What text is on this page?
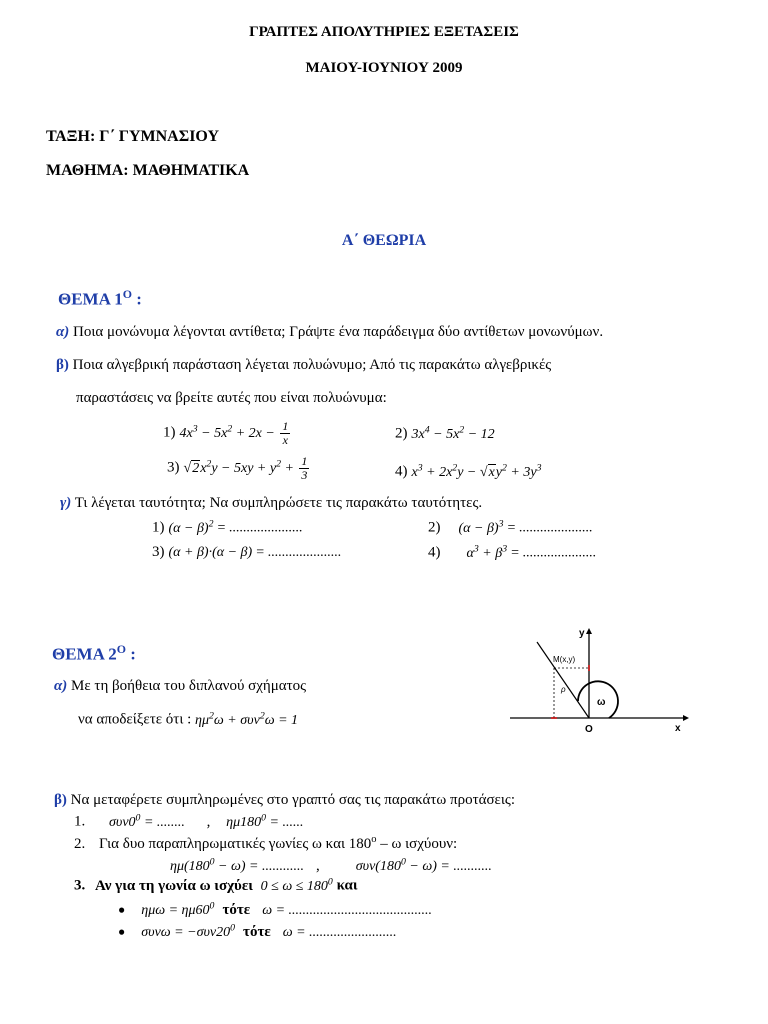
ΓΡΑΠΤΕΣ ΑΠΟΛΥΤΗΡΙΕΣ ΕΞΕΤΑΣΕΙΣ
ΜΑΙΟΥ-ΙΟΥΝΙΟΥ 2009
ΤΑΞΗ: Γ΄ ΓΥΜΝΑΣΙΟΥ
ΜΑΘΗΜΑ: ΜΑΘΗΜΑΤΙΚΑ
Α΄ ΘΕΩΡΙΑ
ΘΕΜΑ $1^O$ :
α) Ποια μονώνυμα λέγονται αντίθετα; Γράψτε ένα παράδειγμα δύο αντίθετων μονωνύμων.
β) Ποια αλγεβρική παράσταση λέγεται πολυώνυμο; Από τις παρακάτω αλγεβρικές
παραστάσεις να βρείτε αυτές που είναι πολυώνυμα:
1) $4x^3 - 5x^2 + 2x - \frac{1}{x}$	2) $3x^4 - 5x^2 - 12$
3) $√2x^2y - 5xy + y^2 + \frac{1}{3}$	4) $x^3 + 2x^2y - √xy^2 + 3y^3$
γ) Τι λέγεται ταυτότητα; Να συμπληρώσετε τις παρακάτω ταυτότητες.
1) $(\alpha - \beta)^2$ = .....................	2) $(\alpha - \beta)^3$ = .....................
3) (α + β)·(α − β) = .....................	4) $\alpha^3 + \beta^3$ = .....................
ΘΕΜΑ $2^O$ :
α) Με τη βοήθεια του διπλανού σχήματος
να αποδείξετε ότι : $\eta\mu^2\omega + \sigma\upsilon\nu^2\omega = 1$
ω
ρ
M(x,y)
y
x
O
β) Να μεταφέρετε συμπληρωμένες στο γραπτό σας τις παρακάτω προτάσεις:
1. $\sigma\upsilon\nu 0^0$ = ........ , $\eta\mu 180^0$ = ......
2. Για δυο παραπληρωματικές γωνίες ω και 180$^o$ – ω ισχύουν:
$\eta\mu(180^0 - \omega)$ = ............ ,	$\sigma\upsilon\nu(180^0 - \omega)$ = ...........
3. Αν για τη γωνία ω ισχύει $0 \le \omega \le 180^0$ και
● $\eta\mu\omega = \eta\mu 60^0$ τότε ω = .........................................
● $\sigma\upsilon\nu\omega = -\sigma\upsilon\nu 20^0$ τότε ω = .........................
